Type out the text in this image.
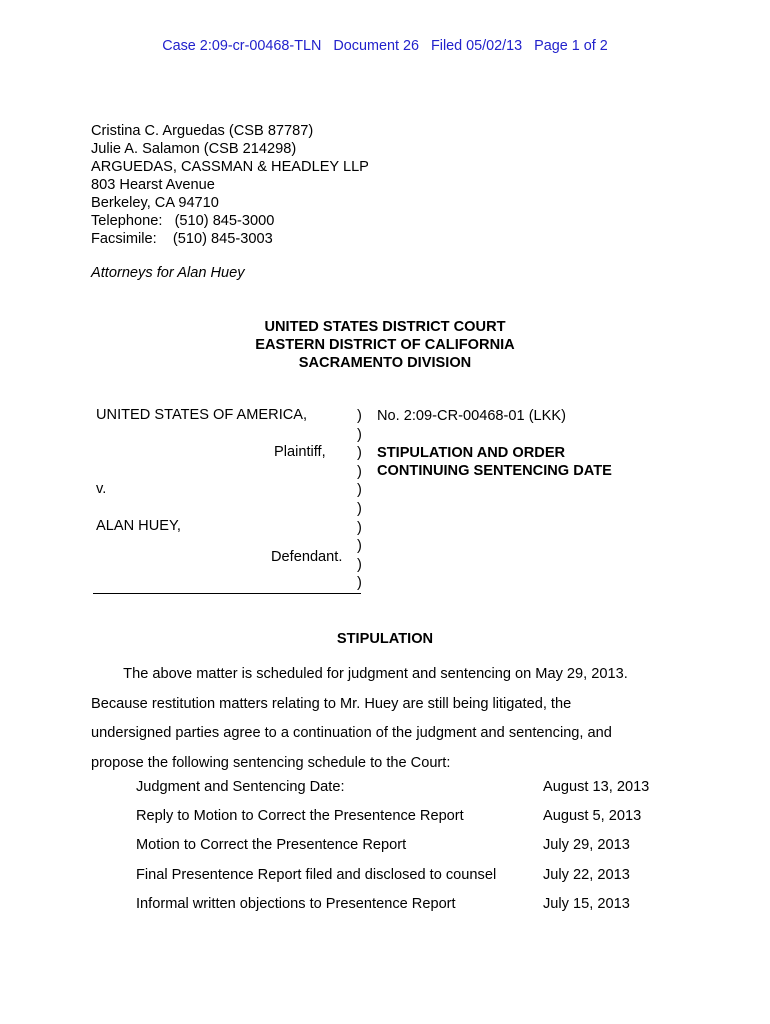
Case 2:09-cr-00468-TLN   Document 26   Filed 05/02/13   Page 1 of 2
Cristina C. Arguedas (CSB 87787)
Julie A. Salamon (CSB 214298)
ARGUEDAS, CASSMAN & HEADLEY LLP
803 Hearst Avenue
Berkeley, CA 94710
Telephone:   (510) 845-3000
Facsimile:    (510) 845-3003
Attorneys for Alan Huey
UNITED STATES DISTRICT COURT
EASTERN DISTRICT OF CALIFORNIA
SACRAMENTO DIVISION
UNITED STATES OF AMERICA,
Plaintiff,
v.
ALAN HUEY,
Defendant.
)
)
)
)
)
)
)
)
)
)
No. 2:09-CR-00468-01 (LKK)
STIPULATION AND ORDER
CONTINUING SENTENCING DATE
STIPULATION
The above matter is scheduled for judgment and sentencing on May 29, 2013.
Because restitution matters relating to Mr. Huey are still being litigated, the
undersigned parties agree to a continuation of the judgment and sentencing, and
propose the following sentencing schedule to the Court:
Judgment and Sentencing Date:	August 13, 2013
Reply to Motion to Correct the Presentence Report	August 5, 2013
Motion to Correct the Presentence Report	July 29, 2013
Final Presentence Report filed and disclosed to counsel	July 22, 2013
Informal written objections to Presentence Report	July 15, 2013
